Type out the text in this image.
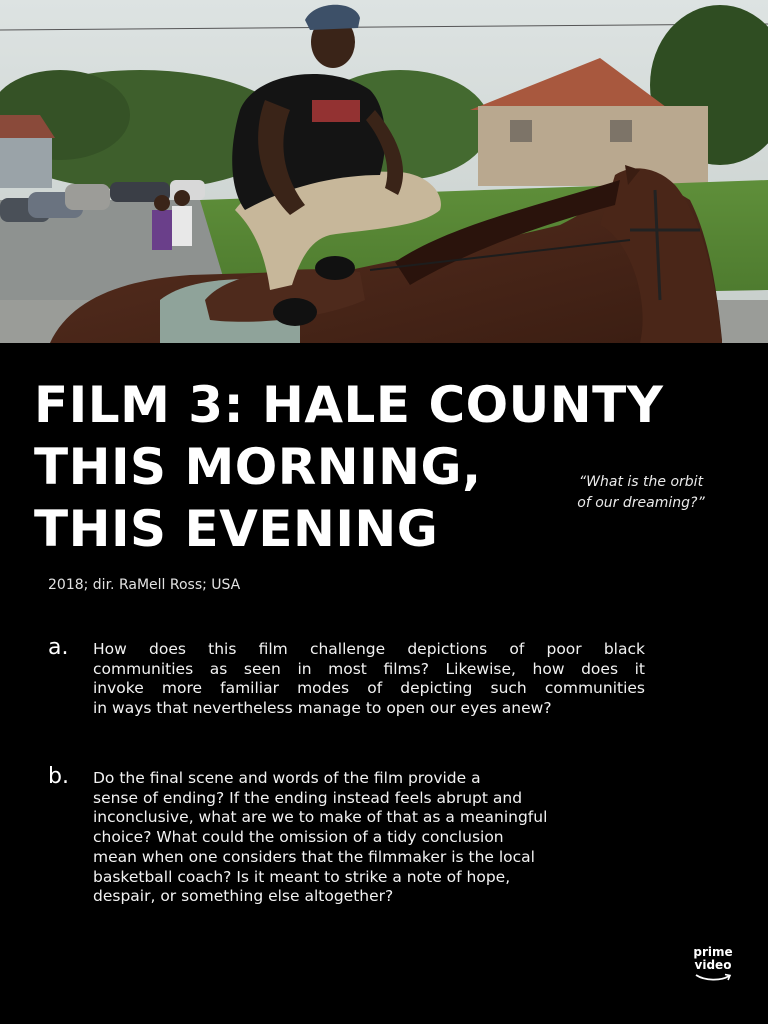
FILM 3: HALE COUNTY
THIS MORNING,
THIS EVENING
“What is the orbit
of our dreaming?”
2018; dir. RaMell Ross; USA
a. How does this film challenge depictions of poor black
communities as seen in most films? Likewise, how does it
invoke more familiar modes of depicting such communities
in ways that nevertheless manage to open our eyes anew?
b. Do the final scene and words of the film provide a
sense of ending? If the ending instead feels abrupt and
inconclusive, what are we to make of that as a meaningful
choice? What could the omission of a tidy conclusion
mean when one considers that the filmmaker is the local
basketball coach? Is it meant to strike a note of hope,
despair, or something else altogether?
prime
video
